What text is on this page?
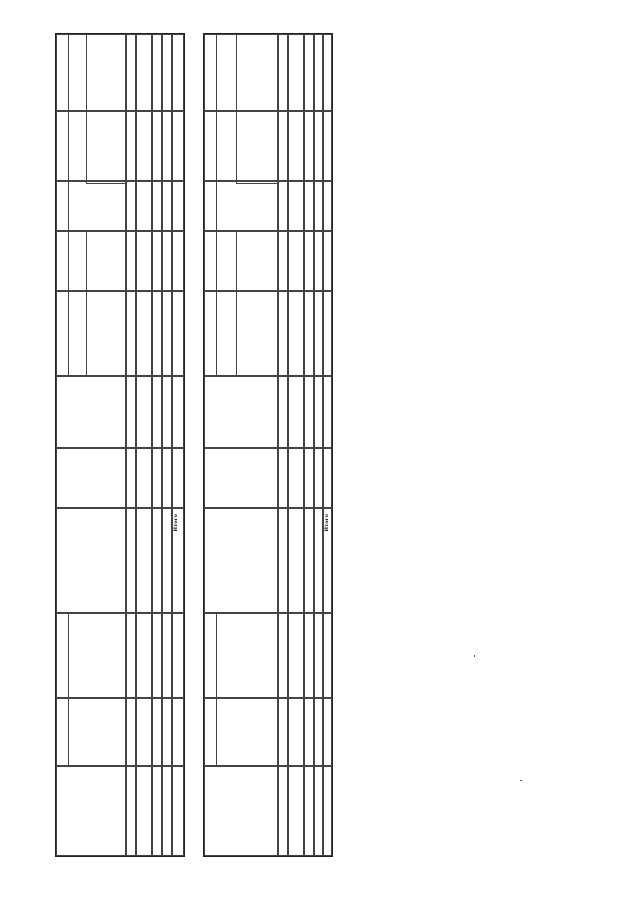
Итого	Итого
